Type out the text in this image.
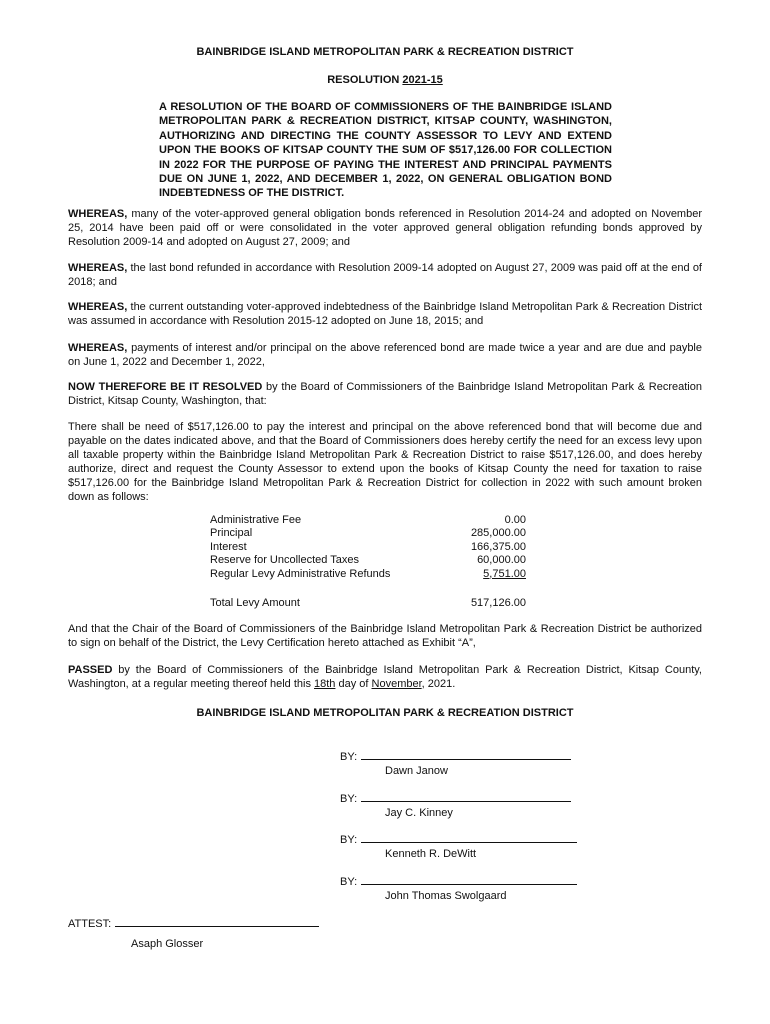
BAINBRIDGE ISLAND METROPOLITAN PARK & RECREATION DISTRICT
RESOLUTION 2021-15
A RESOLUTION OF THE BOARD OF COMMISSIONERS OF THE BAINBRIDGE ISLAND METROPOLITAN PARK & RECREATION DISTRICT, KITSAP COUNTY, WASHINGTON, AUTHORIZING AND DIRECTING THE COUNTY ASSESSOR TO LEVY AND EXTEND UPON THE BOOKS OF KITSAP COUNTY THE SUM OF $517,126.00 FOR COLLECTION IN 2022 FOR THE PURPOSE OF PAYING THE INTEREST AND PRINCIPAL PAYMENTS DUE ON JUNE 1, 2022, AND DECEMBER 1, 2022, ON GENERAL OBLIGATION BOND INDEBTEDNESS OF THE DISTRICT.
WHEREAS, many of the voter-approved general obligation bonds referenced in Resolution 2014-24 and adopted on November 25, 2014 have been paid off or were consolidated in the voter approved general obligation refunding bonds approved by Resolution 2009-14 and adopted on August 27, 2009; and
WHEREAS, the last bond refunded in accordance with Resolution 2009-14 adopted on August 27, 2009 was paid off at the end of 2018; and
WHEREAS, the current outstanding voter-approved indebtedness of the Bainbridge Island Metropolitan Park & Recreation District was assumed in accordance with Resolution 2015-12 adopted on June 18, 2015; and
WHEREAS, payments of interest and/or principal on the above referenced bond are made twice a year and are due and payble on June 1, 2022 and December 1, 2022,
NOW THEREFORE BE IT RESOLVED by the Board of Commissioners of the Bainbridge Island Metropolitan Park & Recreation District, Kitsap County, Washington, that:
There shall be need of $517,126.00 to pay the interest and principal on the above referenced bond that will become due and payable on the dates indicated above, and that the Board of Commissioners does hereby certify the need for an excess levy upon all taxable property within the Bainbridge Island Metropolitan Park & Recreation District to raise $517,126.00, and does hereby authorize, direct and request the County Assessor to extend upon the books of Kitsap County the need for taxation to raise $517,126.00 for the Bainbridge Island Metropolitan Park & Recreation District for collection in 2022 with such amount broken down as follows:
Administrative Fee	0.00
Principal	285,000.00
Interest	166,375.00
Reserve for Uncollected Taxes	60,000.00
Regular Levy Administrative Refunds	5,751.00
Total Levy Amount	517,126.00
And that the Chair of the Board of Commissioners of the Bainbridge Island Metropolitan Park & Recreation District be authorized to sign on behalf of the District, the Levy Certification hereto attached as Exhibit “A”,
PASSED by the Board of Commissioners of the Bainbridge Island Metropolitan Park & Recreation District, Kitsap County, Washington, at a regular meeting thereof held this 18th day of November, 2021.
BAINBRIDGE ISLAND METROPOLITAN PARK & RECREATION DISTRICT
BY:
Dawn Janow
BY:
Jay C. Kinney
BY:
Kenneth R. DeWitt
BY:
John Thomas Swolgaard
ATTEST:
Asaph Glosser
